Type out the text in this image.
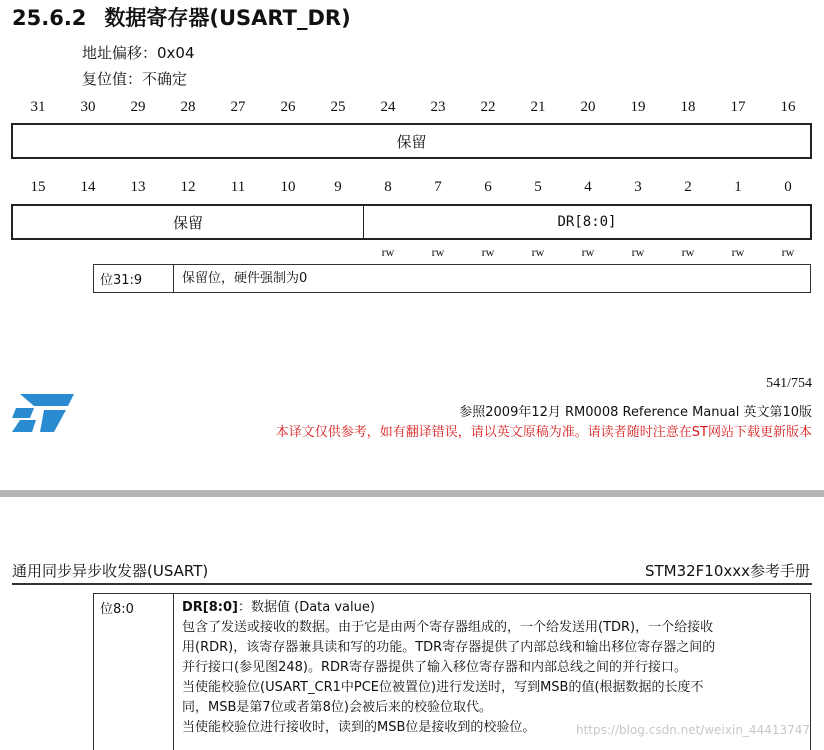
25.6.2 数据寄存器(USART_DR)
地址偏移：0x04
复位值：不确定
31	30	29	28	27	26	25	24	23	22	21	20	19	18	17	16
保留
15	14	13	12	11	10	9	8	7	6	5	4	3	2	1	0
保留	DR[8:0]
rw	rw	rw	rw	rw	rw	rw	rw	rw
位31:9	保留位，硬件强制为0
541/754
参照2009年12月 RM0008 Reference Manual 英文第10版
本译文仅供参考，如有翻译错误，请以英文原稿为准。请读者随时注意在ST网站下载更新版本
通用同步异步收发器(USART)	STM32F10xxx参考手册
位8:0	DR[8:0]：数据值 (Data value)
包含了发送或接收的数据。由于它是由两个寄存器组成的，一个给发送用(TDR)，一个给接收
用(RDR)，该寄存器兼具读和写的功能。TDR寄存器提供了内部总线和输出移位寄存器之间的
并行接口(参见图248)。RDR寄存器提供了输入移位寄存器和内部总线之间的并行接口。
当使能校验位(USART_CR1中PCE位被置位)进行发送时，写到MSB的值(根据数据的长度不
同，MSB是第7位或者第8位)会被后来的校验位取代。
当使能校验位进行接收时，读到的MSB位是接收到的校验位。	https://blog.csdn.net/weixin_44413747
